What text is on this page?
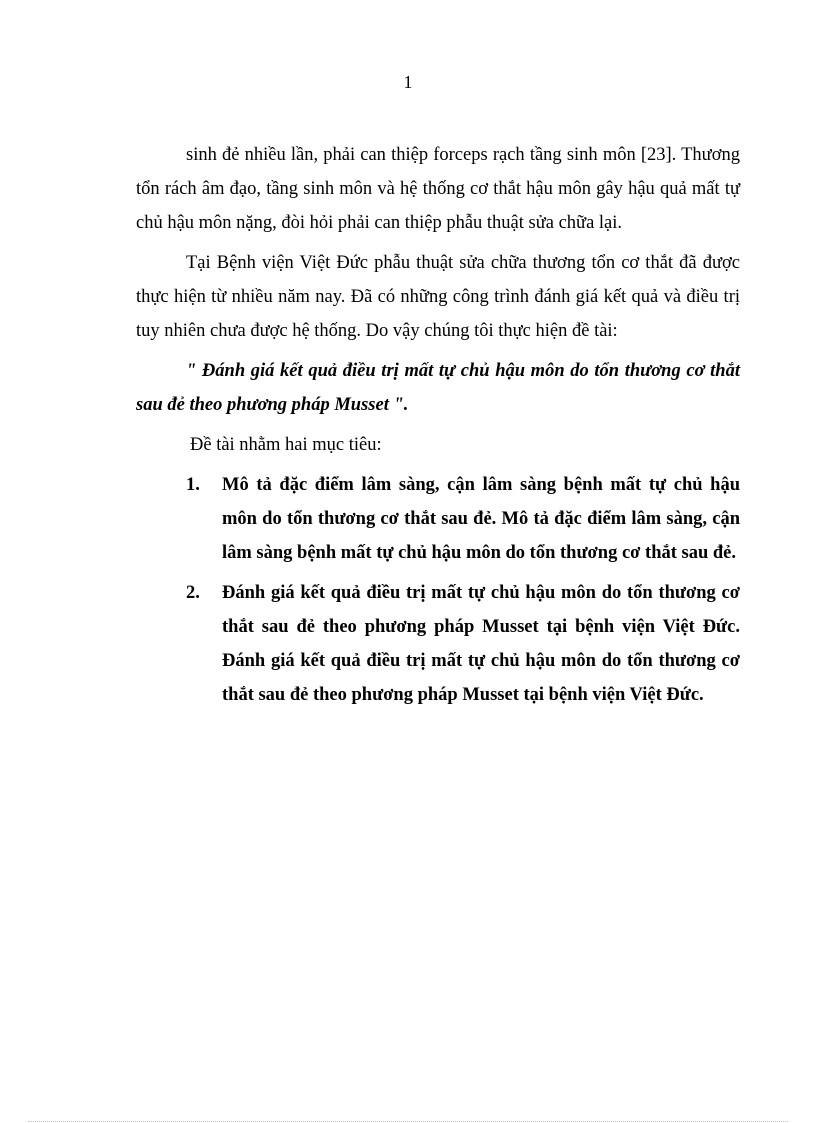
1

sinh đẻ nhiều lần, phải can thiệp forceps rạch tầng sinh môn [23]. Thương tổn rách âm đạo, tầng sinh môn và hệ thống cơ thắt hậu môn gây hậu quả mất tự chủ hậu môn nặng, đòi hỏi phải can thiệp phẫu thuật sửa chữa lại.

Tại Bệnh viện Việt Đức phẫu thuật sửa chữa thương tổn cơ thắt đã được thực hiện từ nhiều năm nay. Đã có những công trình đánh giá kết quả và điều trị tuy nhiên chưa được hệ thống. Do vậy chúng tôi thực hiện đề tài:

" Đánh giá kết quả điều trị mất tự chủ hậu môn do tổn thương cơ thắt sau đẻ theo phương pháp Musset ".

Đề tài nhằm hai mục tiêu:

1. Mô tả đặc điểm lâm sàng, cận lâm sàng bệnh mất tự chủ hậu môn do tổn thương cơ thắt sau đẻ. Mô tả đặc điểm lâm sàng, cận lâm sàng bệnh mất tự chủ hậu môn do tổn thương cơ thắt sau đẻ.
2. Đánh giá kết quả điều trị mất tự chủ hậu môn do tổn thương cơ thắt sau đẻ theo phương pháp Musset tại bệnh viện Việt Đức. Đánh giá kết quả điều trị mất tự chủ hậu môn do tổn thương cơ thắt sau đẻ theo phương pháp Musset tại bệnh viện Việt Đức.
